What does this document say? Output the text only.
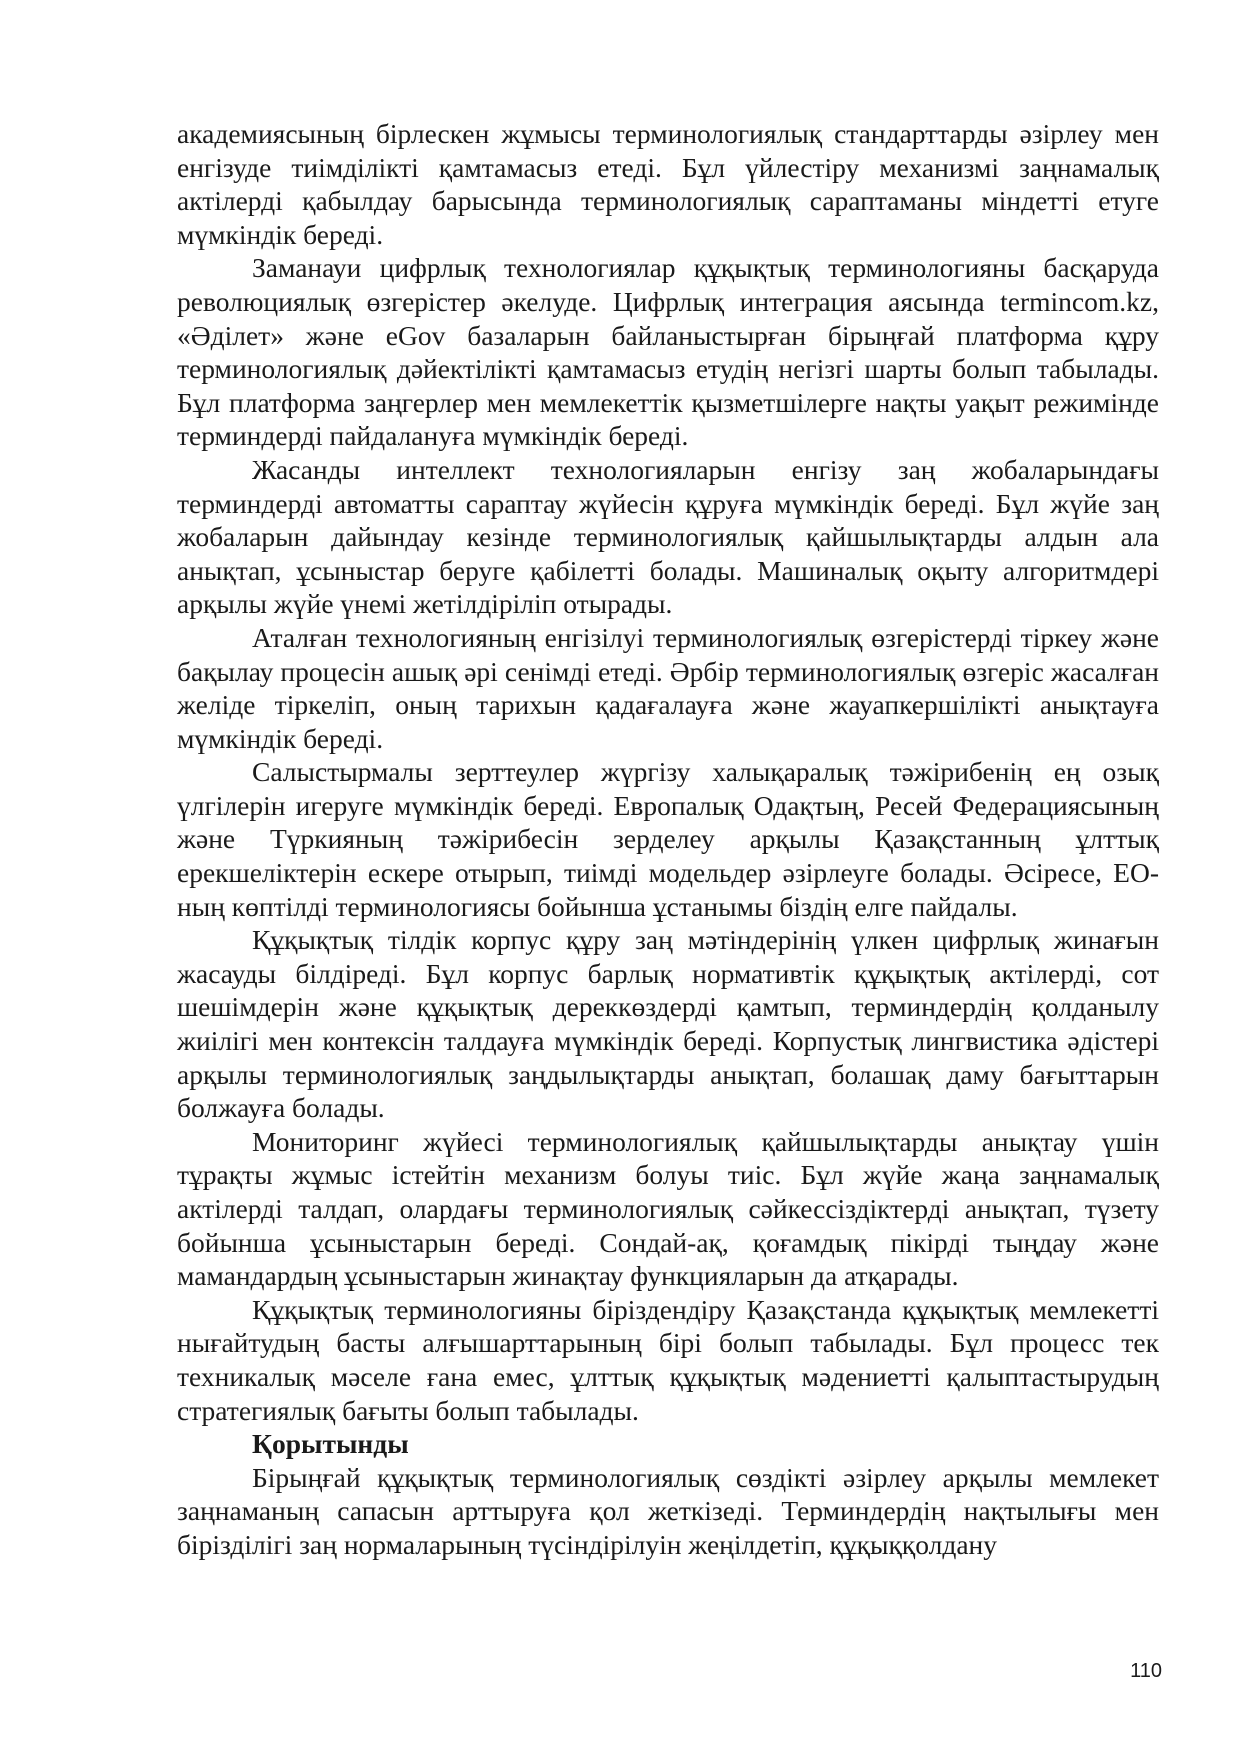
академиясының бірлескен жұмысы терминологиялық стандарттарды әзірлеу мен енгізуде тиімділікті қамтамасыз етеді. Бұл үйлестіру механизмі заңнамалық актілерді қабылдау барысында терминологиялық сараптаманы міндетті етуге мүмкіндік береді.

Заманауи цифрлық технологиялар құқықтық терминологияны басқаруда революциялық өзгерістер әкелуде. Цифрлық интеграция аясында termincom.kz, «Әділет» және eGov базаларын байланыстырған бірыңғай платформа құру терминологиялық дәйектілікті қамтамасыз етудің негізгі шарты болып табылады. Бұл платформа заңгерлер мен мемлекеттік қызметшілерге нақты уақыт режимінде терминдерді пайдалануға мүмкіндік береді.

Жасанды интеллект технологияларын енгізу заң жобаларындағы терминдерді автоматты сараптау жүйесін құруға мүмкіндік береді. Бұл жүйе заң жобаларын дайындау кезінде терминологиялық қайшылықтарды алдын ала анықтап, ұсыныстар беруге қабілетті болады. Машиналық оқыту алгоритмдері арқылы жүйе үнемі жетілдіріліп отырады.

Аталған технологияның енгізілуі терминологиялық өзгерістерді тіркеу және бақылау процесін ашық әрі сенімді етеді. Әрбір терминологиялық өзгеріс жасалған желіде тіркеліп, оның тарихын қадағалауға және жауапкершілікті анықтауға мүмкіндік береді.

Салыстырмалы зерттеулер жүргізу халықаралық тәжірибенің ең озық үлгілерін игеруге мүмкіндік береді. Европалық Одақтың, Ресей Федерациясының және Түркияның тәжірибесін зерделеу арқылы Қазақстанның ұлттық ерекшеліктерін ескере отырып, тиімді модельдер әзірлеуге болады. Әсіресе, ЕО-ның көптілді терминологиясы бойынша ұстанымы біздің елге пайдалы.

Құқықтық тілдік корпус құру заң мәтіндерінің үлкен цифрлық жинағын жасауды білдіреді. Бұл корпус барлық нормативтік құқықтық актілерді, сот шешімдерін және құқықтық дереккөздерді қамтып, терминдердің қолданылу жиілігі мен контексін талдауға мүмкіндік береді. Корпустық лингвистика әдістері арқылы терминологиялық заңдылықтарды анықтап, болашақ даму бағыттарын болжауға болады.

Мониторинг жүйесі терминологиялық қайшылықтарды анықтау үшін тұрақты жұмыс істейтін механизм болуы тиіс. Бұл жүйе жаңа заңнамалық актілерді талдап, олардағы терминологиялық сәйкессіздіктерді анықтап, түзету бойынша ұсыныстарын береді. Сондай-ақ, қоғамдық пікірді тыңдау және мамандардың ұсыныстарын жинақтау функцияларын да атқарады.

Құқықтық терминологияны біріздендіру Қазақстанда құқықтық мемлекетті нығайтудың басты алғышарттарының бірі болып табылады. Бұл процесс тек техникалық мәселе ғана емес, ұлттық құқықтық мәдениетті қалыптастырудың стратегиялық бағыты болып табылады.

Қорытынды

Бірыңғай құқықтық терминологиялық сөздікті әзірлеу арқылы мемлекет заңнаманың сапасын арттыруға қол жеткізеді. Терминдердің нақтылығы мен біріздiлігі заң нормаларының түсіндірілуін жеңілдетіп, құқыққолдану

110
